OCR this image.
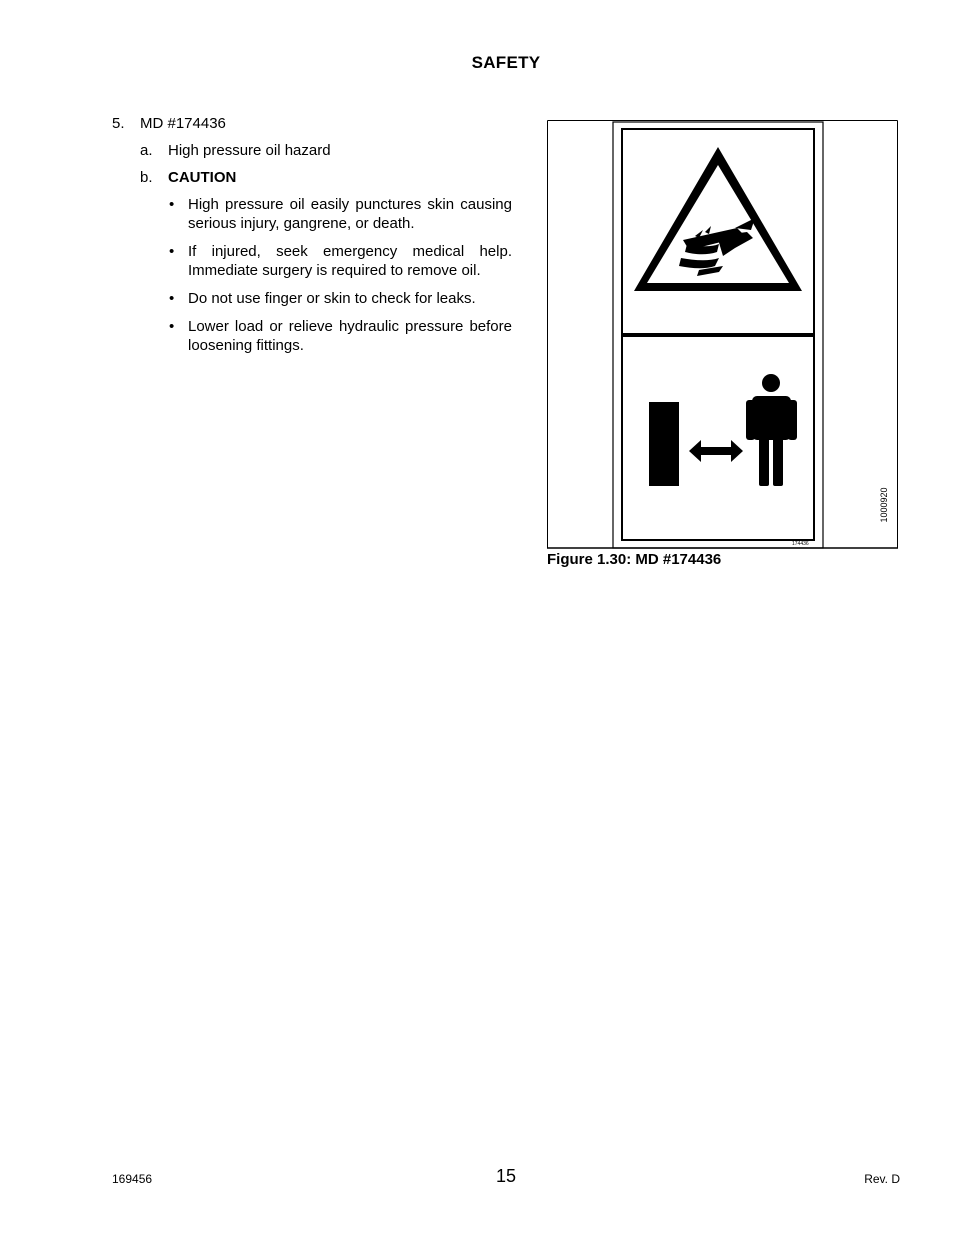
SAFETY
5. MD #174436
a. High pressure oil hazard
b. CAUTION
• High pressure oil easily punctures skin causing serious injury, gangrene, or death.
• If injured, seek emergency medical help. Immediate surgery is required to remove oil.
• Do not use finger or skin to check for leaks.
• Lower load or relieve hydraulic pressure before loosening fittings.
174436
1000920
Figure 1.30: MD #174436
169456	15	Rev. D
